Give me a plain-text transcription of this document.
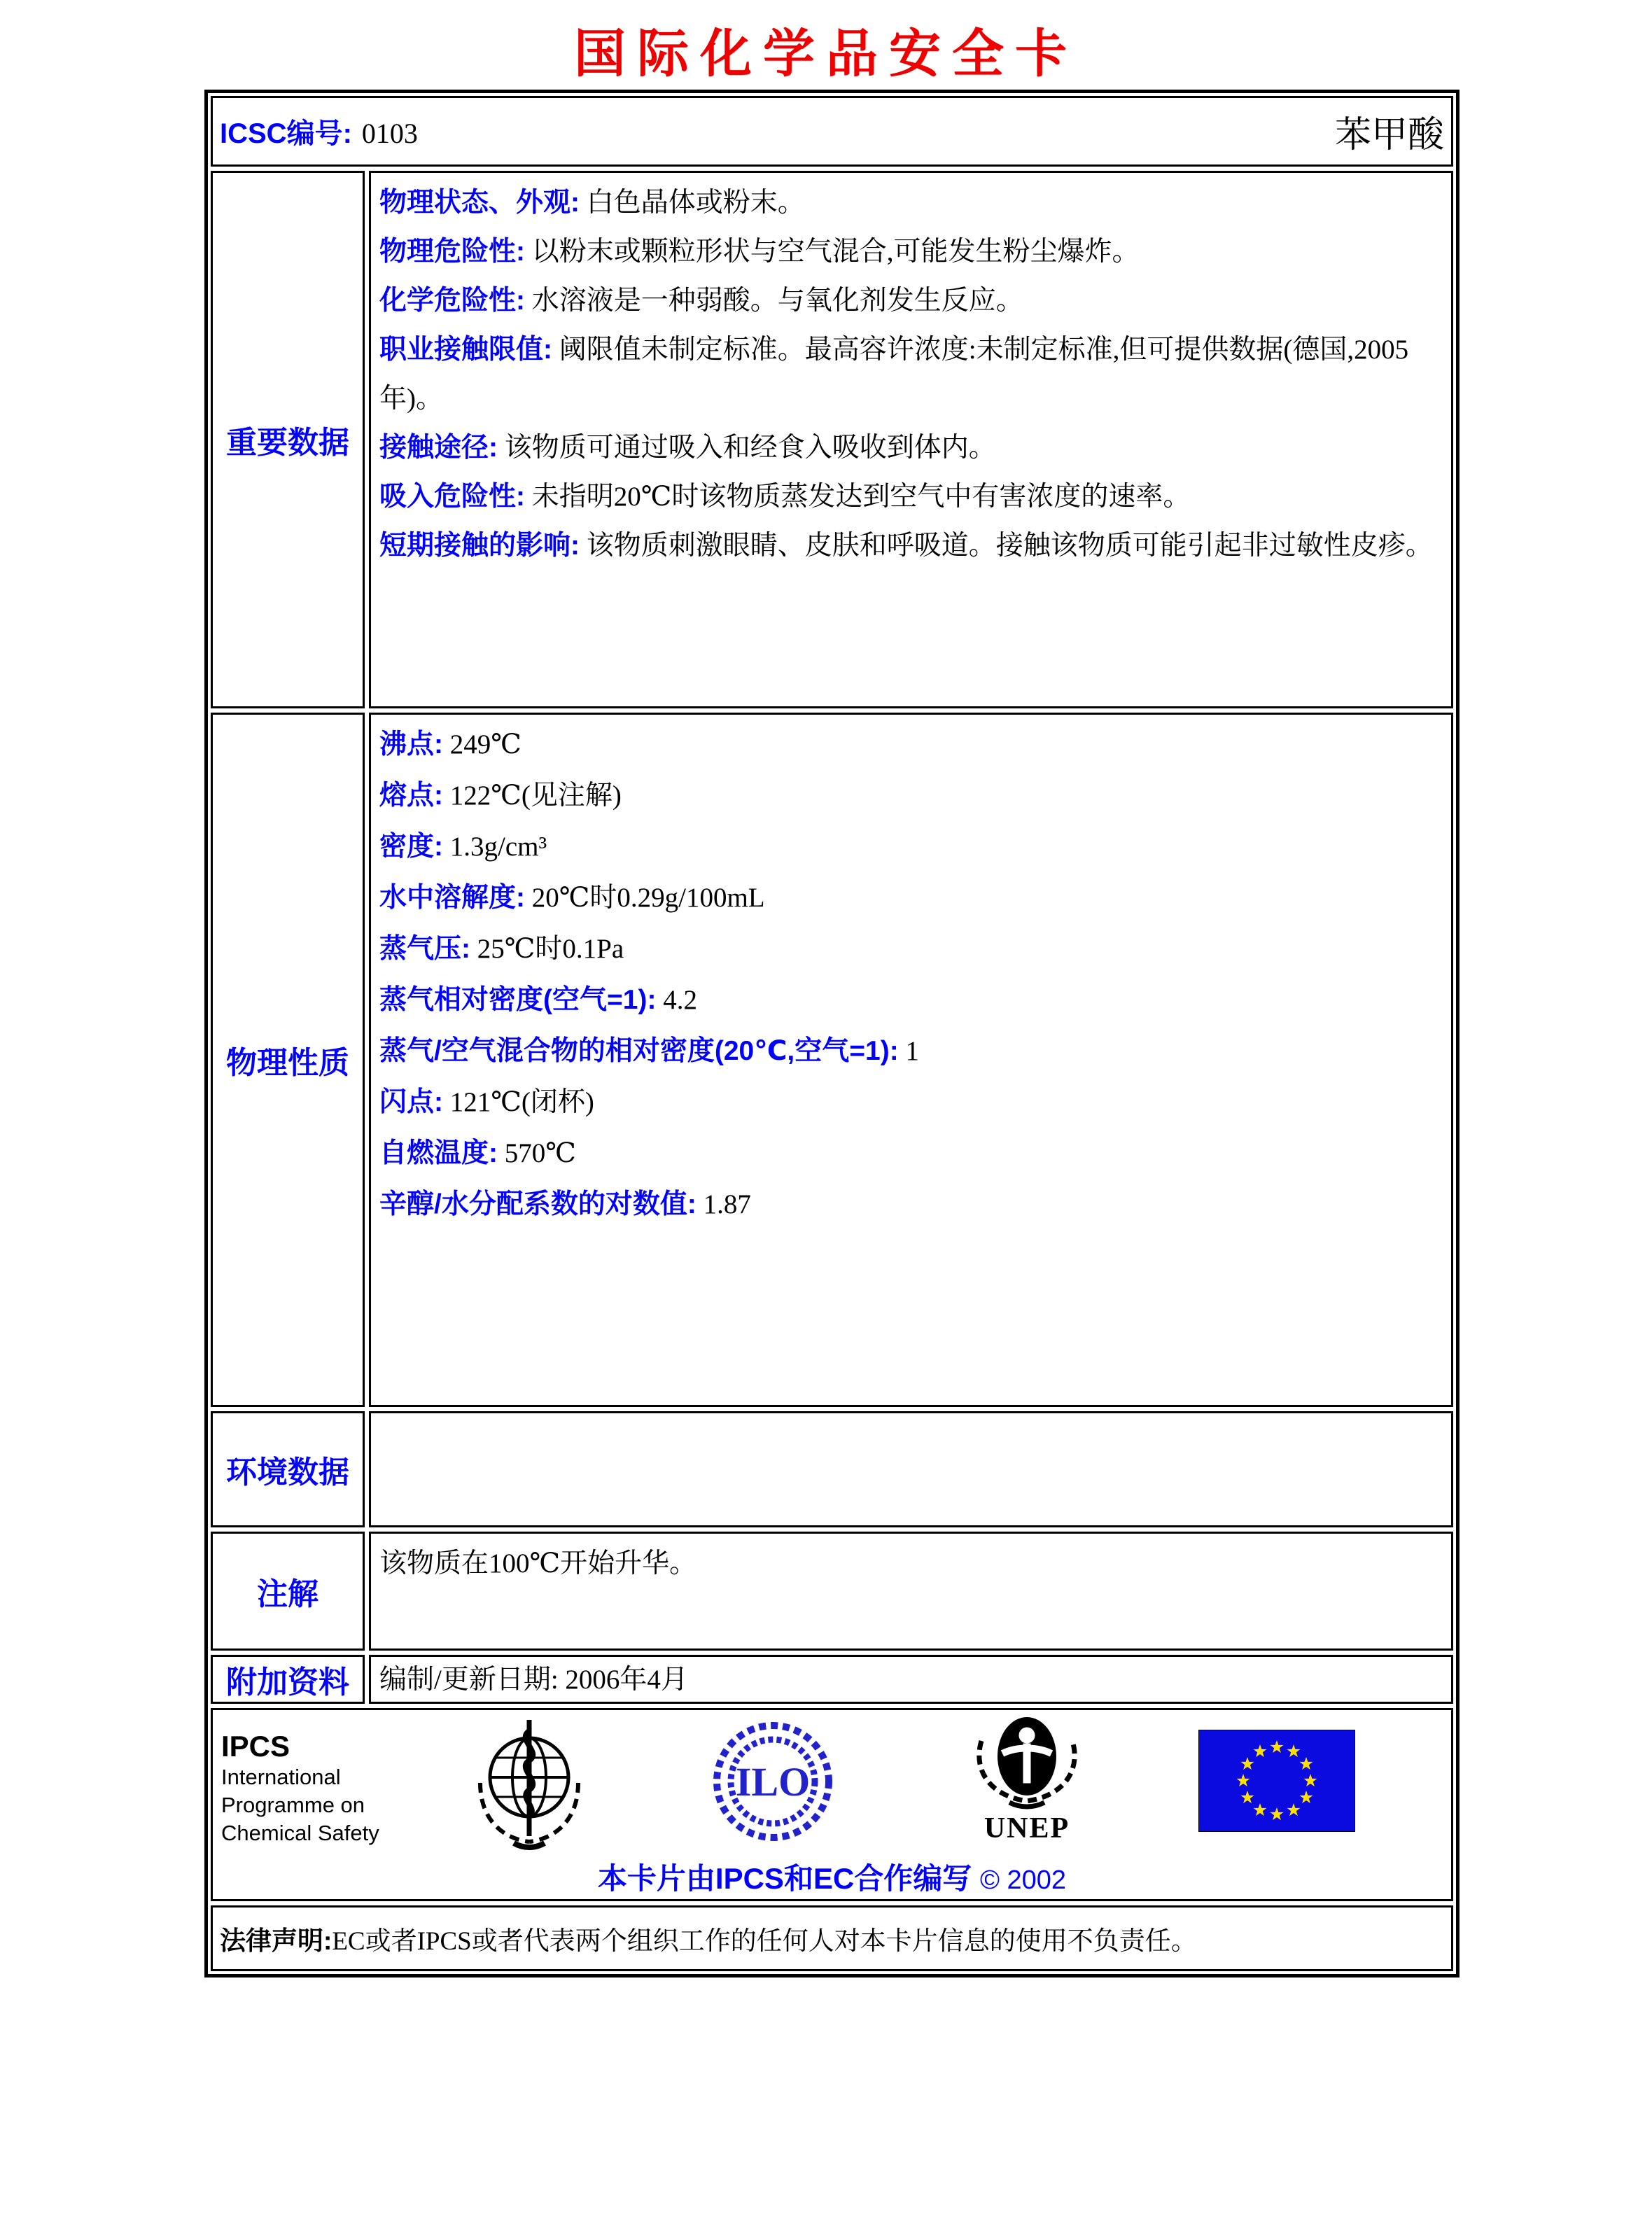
国际化学品安全卡
ICSC编号: 0103	苯甲酸
重要数据
物理状态、外观: 白色晶体或粉末。
物理危险性: 以粉末或颗粒形状与空气混合,可能发生粉尘爆炸。
化学危险性: 水溶液是一种弱酸。与氧化剂发生反应。
职业接触限值: 阈限值未制定标准。最高容许浓度:未制定标准,但可提供数据(德国,2005年)。
接触途径: 该物质可通过吸入和经食入吸收到体内。
吸入危险性: 未指明20℃时该物质蒸发达到空气中有害浓度的速率。
短期接触的影响: 该物质刺激眼睛、皮肤和呼吸道。接触该物质可能引起非过敏性皮疹。
物理性质
沸点: 249℃
熔点: 122℃(见注解)
密度: 1.3g/cm³
水中溶解度: 20℃时0.29g/100mL
蒸气压: 25℃时0.1Pa
蒸气相对密度(空气=1): 4.2
蒸气/空气混合物的相对密度(20℃,空气=1): 1
闪点: 121℃(闭杯)
自燃温度: 570℃
辛醇/水分配系数的对数值: 1.87
环境数据
注解
该物质在100℃开始升华。
附加资料	编制/更新日期: 2006年4月
IPCS
International
Programme on
Chemical Safety
ILO
UNEP
本卡片由IPCS和EC合作编写 © 2002
法律声明: EC或者IPCS或者代表两个组织工作的任何人对本卡片信息的使用不负责任。
